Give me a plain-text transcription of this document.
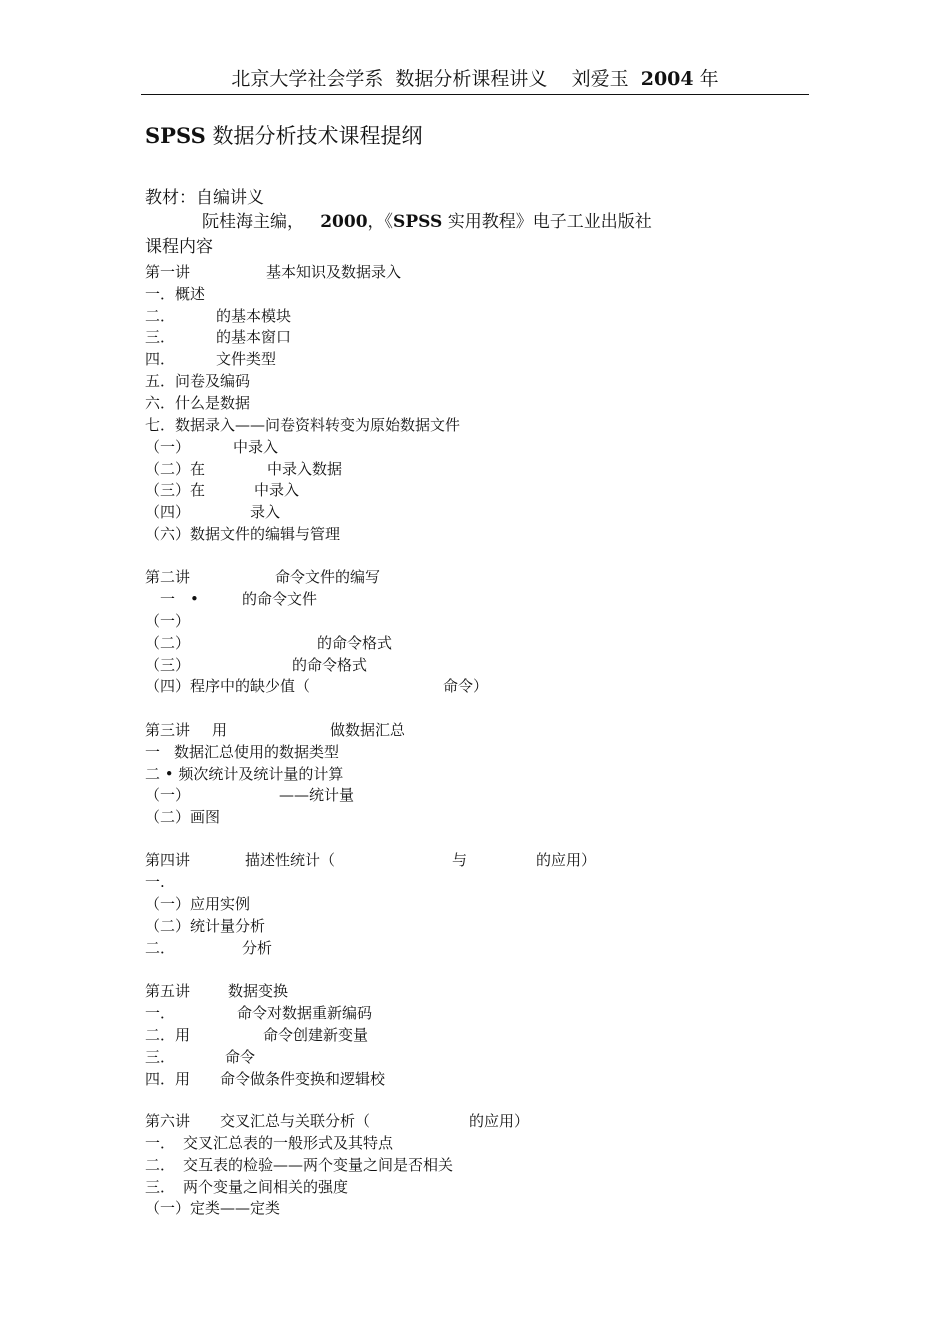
北京大学社会学系 数据分析课程讲义 刘爱玉 2004 年
SPSS 数据分析技术课程提纲
教材：自编讲义
阮桂海主编， 2000，《SPSS 实用教程》电子工业出版社
课程内容
第一讲	基本知识及数据录入
一．概述
二．	的基本模块
三．	的基本窗口
四．	文件类型
五．问卷及编码
六．什么是数据
七．数据录入——问卷资料转变为原始数据文件
（一）	中录入
（二）在	中录入数据
（三）在	中录入
（四）	录入
（六）数据文件的编辑与管理
第二讲	命令文件的编写
一 •	的命令文件
（一）
（二）	的命令格式
（三）	的命令格式
（四）程序中的缺少值（	命令）
第三讲 用	做数据汇总
一 数据汇总使用的数据类型
二 • 频次统计及统计量的计算
（一）	——统计量
（二）画图
第四讲	描述性统计（	与	的应用）
一.
（一）应用实例
（二）统计量分析
二．	分析
第五讲	数据变换
一．	命令对数据重新编码
二．用	命令创建新变量
三．	命令
四．用 命令做条件变换和逻辑校
第六讲 交叉汇总与关联分析（	的应用）
一． 交叉汇总表的一般形式及其特点
二． 交互表的检验——两个变量之间是否相关
三． 两个变量之间相关的强度
（一）定类——定类
